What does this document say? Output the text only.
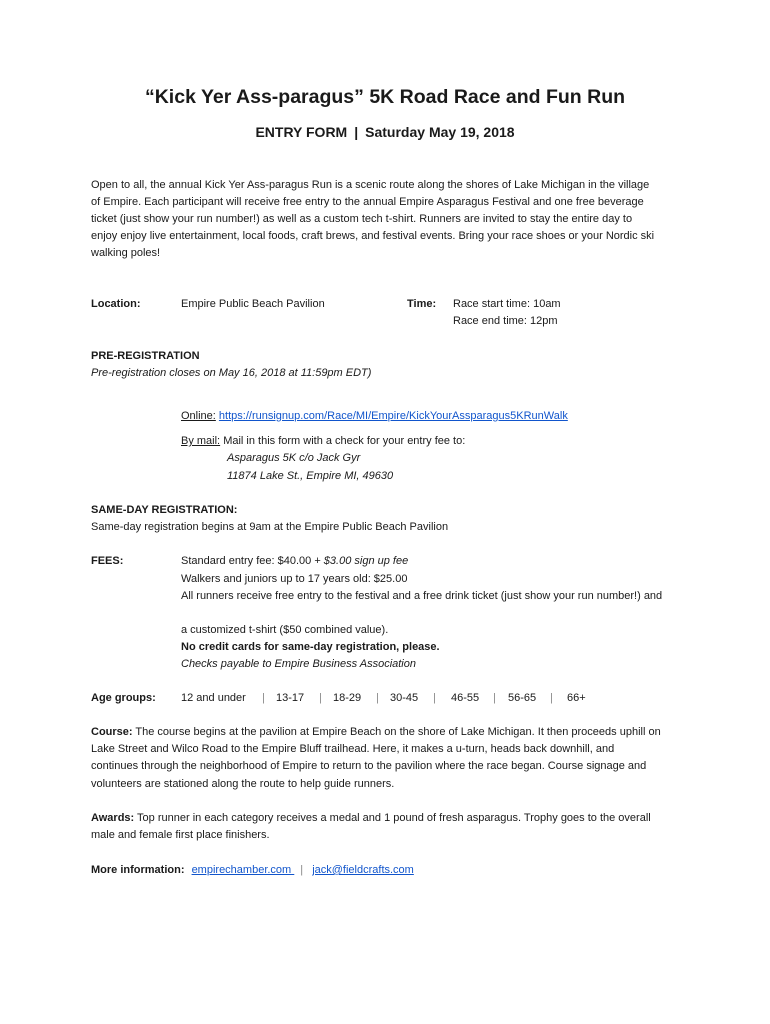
“Kick Yer Ass-paragus” 5K Road Race and Fun Run
ENTRY FORM | Saturday May 19, 2018
Open to all, the annual Kick Yer Ass-paragus Run is a scenic route along the shores of Lake Michigan in the village
of Empire. Each participant will receive free entry to the annual Empire Asparagus Festival and one free beverage
ticket (just show your run number!) as well as a custom tech t-shirt. Runners are invited to stay the entire day to
enjoy enjoy live entertainment, local foods, craft brews, and festival events. Bring your race shoes or your Nordic ski
walking poles!
Location:	Empire Public Beach Pavilion	Time: Race start time: 10am
Race end time: 12pm
PRE-REGISTRATION
Pre-registration closes on May 16, 2018 at 11:59pm EDT)
Online: https://runsignup.com/Race/MI/Empire/KickYourAssparagus5KRunWalk
By mail: Mail in this form with a check for your entry fee to:
Asparagus 5K c/o Jack Gyr
11874 Lake St., Empire MI, 49630
SAME-DAY REGISTRATION:
Same-day registration begins at 9am at the Empire Public Beach Pavilion
FEES:	Standard entry fee: $40.00 + $3.00 sign up fee
Walkers and juniors up to 17 years old: $25.00
All runners receive free entry to the festival and a free drink ticket (just show your run number!) and
a customized t-shirt ($50 combined value).
No credit cards for same-day registration, please.
Checks payable to Empire Business Association
Age groups: 12 and under | 13-17 | 18-29 | 30-45 | 46-55 | 56-65 | 66+
Course: The course begins at the pavilion at Empire Beach on the shore of Lake Michigan. It then proceeds uphill on
Lake Street and Wilco Road to the Empire Bluff trailhead. Here, it makes a u-turn, heads back downhill, and
continues through the neighborhood of Empire to return to the pavilion where the race began. Course signage and
volunteers are stationed along the route to help guide runners.
Awards: Top runner in each category receives a medal and 1 pound of fresh asparagus. Trophy goes to the overall
male and female first place finishers.
More information: empirechamber.com | jack@fieldcrafts.com
